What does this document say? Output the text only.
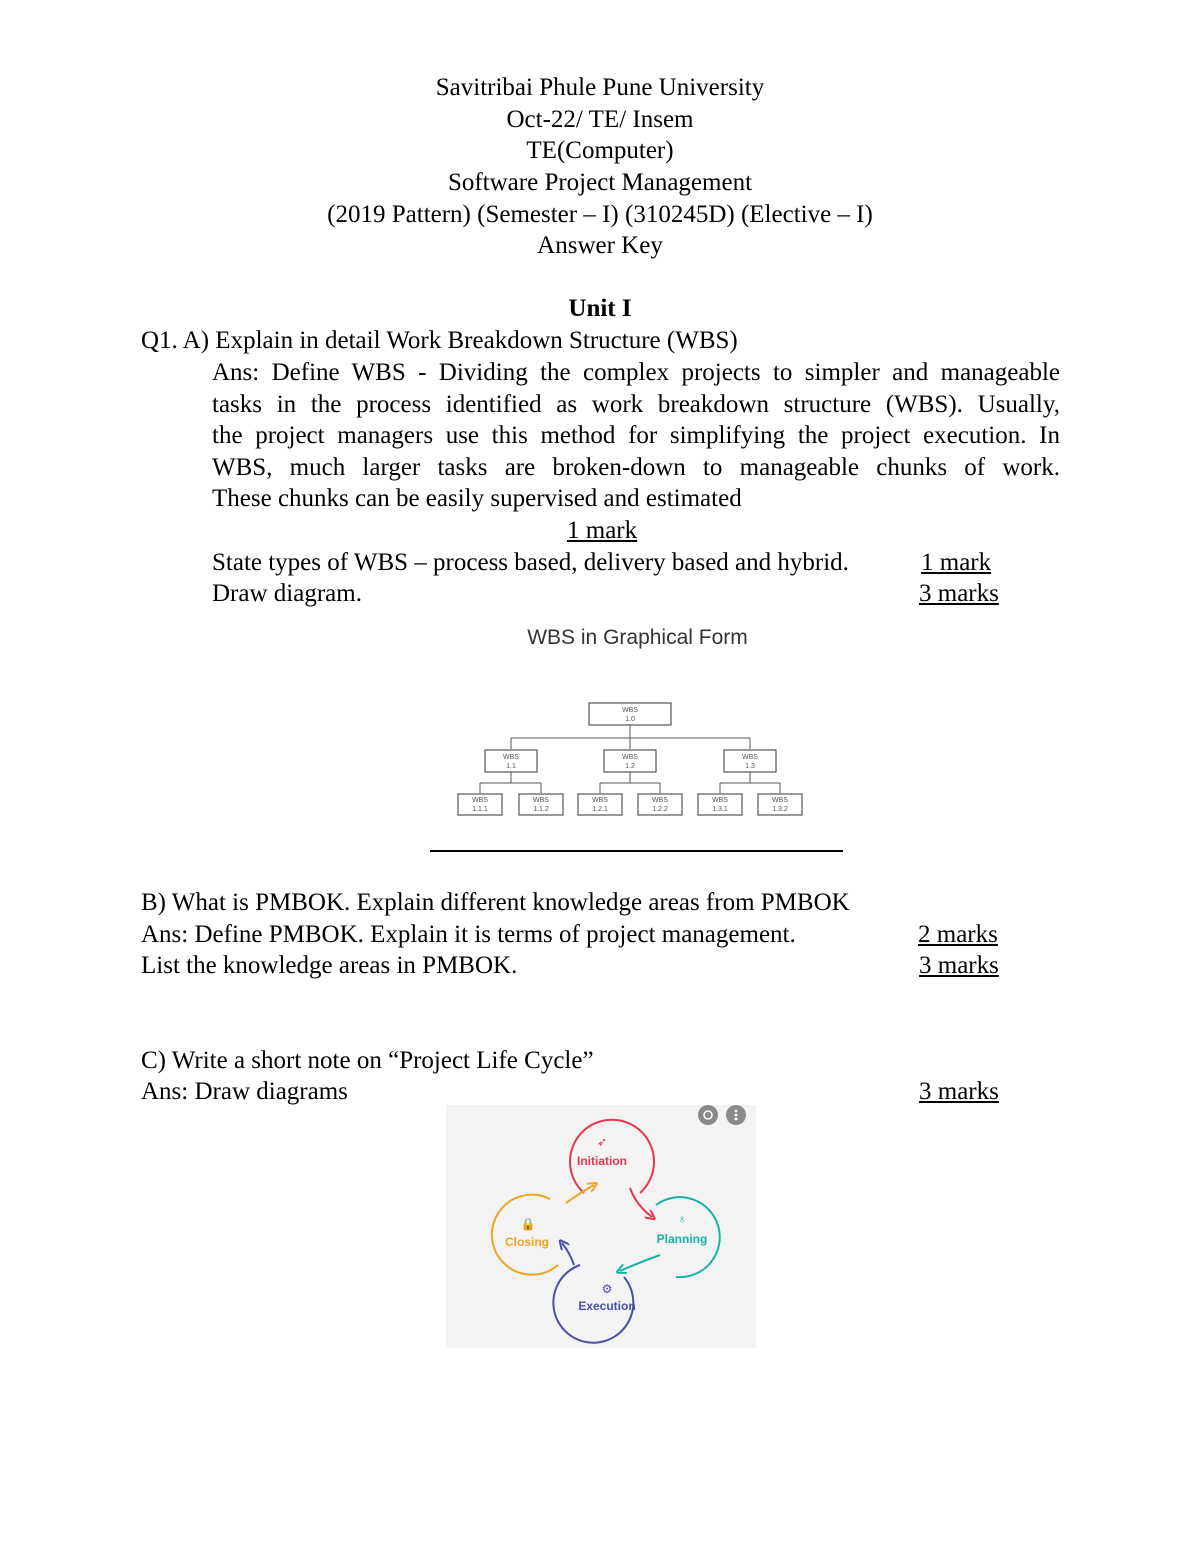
Savitribai Phule Pune University
Oct-22/ TE/ Insem
TE(Computer)
Software Project Management
(2019 Pattern) (Semester – I) (310245D) (Elective – I)
Answer Key
Unit I
Q1. A) Explain in detail Work Breakdown Structure (WBS)
Ans: Define WBS - Dividing the complex projects to simpler and manageable
tasks in the process identified as work breakdown structure (WBS). Usually,
the project managers use this method for simplifying the project execution. In
WBS, much larger tasks are broken-down to manageable chunks of work.
These chunks can be easily supervised and estimated
1 mark
State types of WBS – process based, delivery based and hybrid.	1 mark
Draw diagram.	3 marks
WBS in Graphical Form
WBS
1.0
WBS
1.1
WBS
1.2
WBS
1.3
WBS
1.1.1
WBS
1.1.2
WBS
1.2.1
WBS
1.2.2
WBS
1.3.1
WBS
1.3.2
B) What is PMBOK. Explain different knowledge areas from PMBOK
Ans: Define PMBOK. Explain it is terms of project management.	2 marks
List the knowledge areas in PMBOK.	3 marks
C) Write a short note on “Project Life Cycle”
Ans: Draw diagrams	3 marks
➶
Initiation
♁
Planning
⚙
Execution
🔒
Closing
